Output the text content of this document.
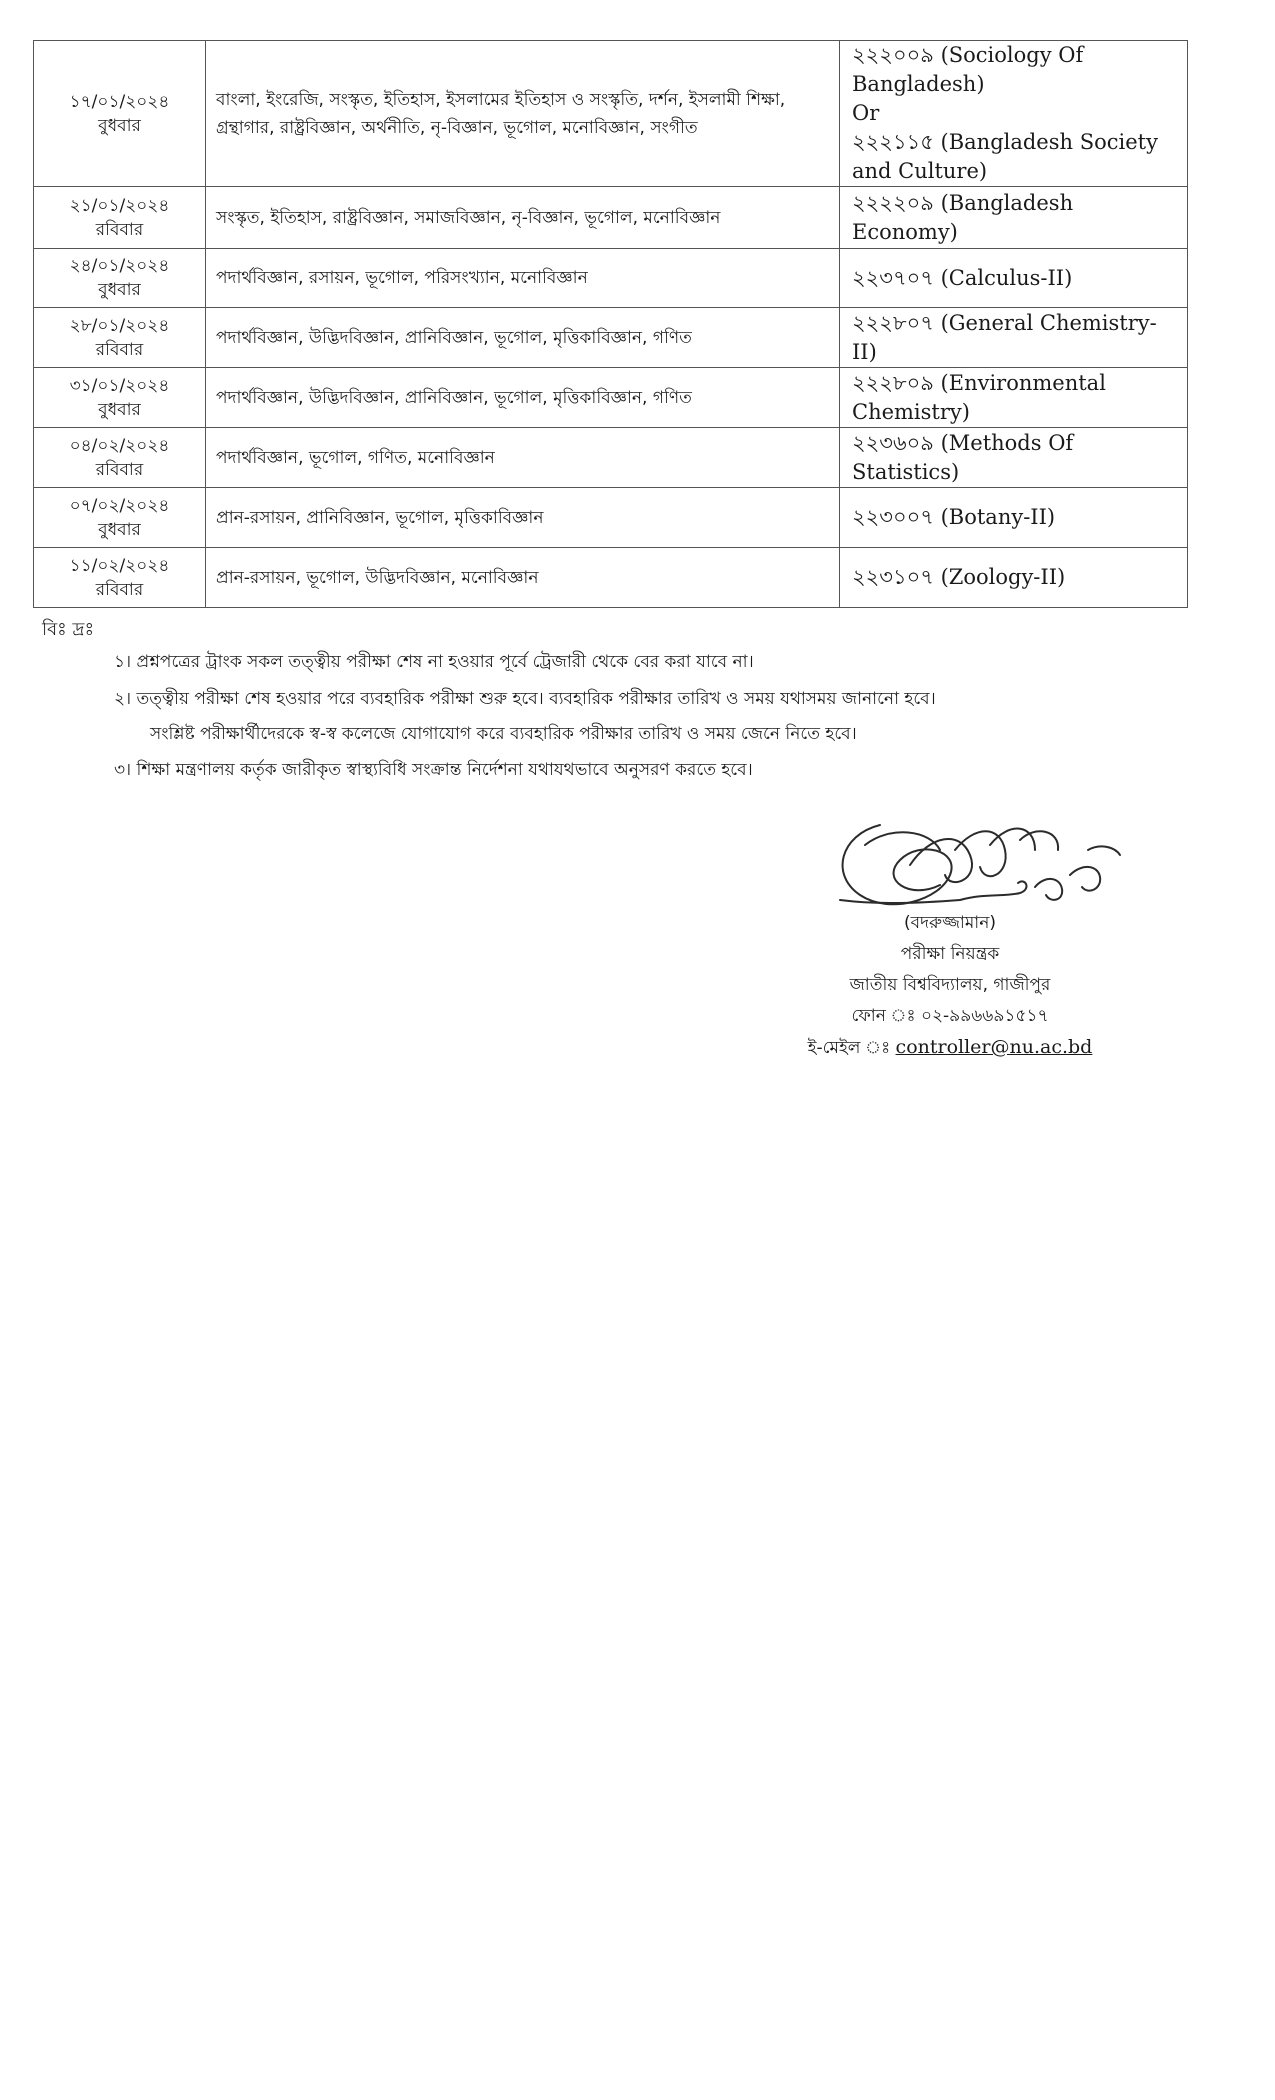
১৭/০১/২০২৪
বুধবার	বাংলা, ইংরেজি, সংস্কৃত, ইতিহাস, ইসলামের ইতিহাস ও সংস্কৃতি, দর্শন, ইসলামী শিক্ষা, গ্রন্থাগার, রাষ্ট্রবিজ্ঞান, অর্থনীতি, নৃ-বিজ্ঞান, ভূগোল, মনোবিজ্ঞান, সংগীত	২২২০০৯ (Sociology Of Bangladesh)
Or
২২২১১৫ (Bangladesh Society and Culture)

২১/০১/২০২৪
রবিবার	সংস্কৃত, ইতিহাস, রাষ্ট্রবিজ্ঞান, সমাজবিজ্ঞান, নৃ-বিজ্ঞান, ভূগোল, মনোবিজ্ঞান	২২২২০৯ (Bangladesh Economy)

২৪/০১/২০২৪
বুধবার	পদার্থবিজ্ঞান, রসায়ন, ভূগোল, পরিসংখ্যান, মনোবিজ্ঞান	২২৩৭০৭ (Calculus-II)

২৮/০১/২০২৪
রবিবার	পদার্থবিজ্ঞান, উদ্ভিদবিজ্ঞান, প্রানিবিজ্ঞান, ভূগোল, মৃত্তিকাবিজ্ঞান, গণিত	২২২৮০৭ (General Chemistry-II)

৩১/০১/২০২৪
বুধবার	পদার্থবিজ্ঞান, উদ্ভিদবিজ্ঞান, প্রানিবিজ্ঞান, ভূগোল, মৃত্তিকাবিজ্ঞান, গণিত	২২২৮০৯ (Environmental Chemistry)

০৪/০২/২০২৪
রবিবার	পদার্থবিজ্ঞান, ভূগোল, গণিত, মনোবিজ্ঞান	২২৩৬০৯ (Methods Of Statistics)

০৭/০২/২০২৪
বুধবার	প্রান-রসায়ন, প্রানিবিজ্ঞান, ভূগোল, মৃত্তিকাবিজ্ঞান	২২৩০০৭ (Botany-II)

১১/০২/২০২৪
রবিবার	প্রান-রসায়ন, ভূগোল, উদ্ভিদবিজ্ঞান, মনোবিজ্ঞান	২২৩১০৭ (Zoology-II)
বিঃ দ্রঃ
১। প্রশ্নপত্রের ট্রাংক সকল তত্ত্বীয় পরীক্ষা শেষ না হওয়ার পূর্বে ট্রেজারী থেকে বের করা যাবে না।
২। তত্ত্বীয় পরীক্ষা শেষ হওয়ার পরে ব্যবহারিক পরীক্ষা শুরু হবে। ব্যবহারিক পরীক্ষার তারিখ ও সময় যথাসময় জানানো হবে।
সংশ্লিষ্ট পরীক্ষার্থীদেরকে স্ব-স্ব কলেজে যোগাযোগ করে ব্যবহারিক পরীক্ষার তারিখ ও সময় জেনে নিতে হবে।
৩। শিক্ষা মন্ত্রণালয় কর্তৃক জারীকৃত স্বাস্থ্যবিধি সংক্রান্ত নির্দেশনা যথাযথভাবে অনুসরণ করতে হবে।
(বদরুজ্জামান)
পরীক্ষা নিয়ন্ত্রক
জাতীয় বিশ্ববিদ্যালয়, গাজীপুর
ফোন ঃ ০২-৯৯৬৬৯১৫১৭
ই-মেইল ঃ controller@nu.ac.bd
